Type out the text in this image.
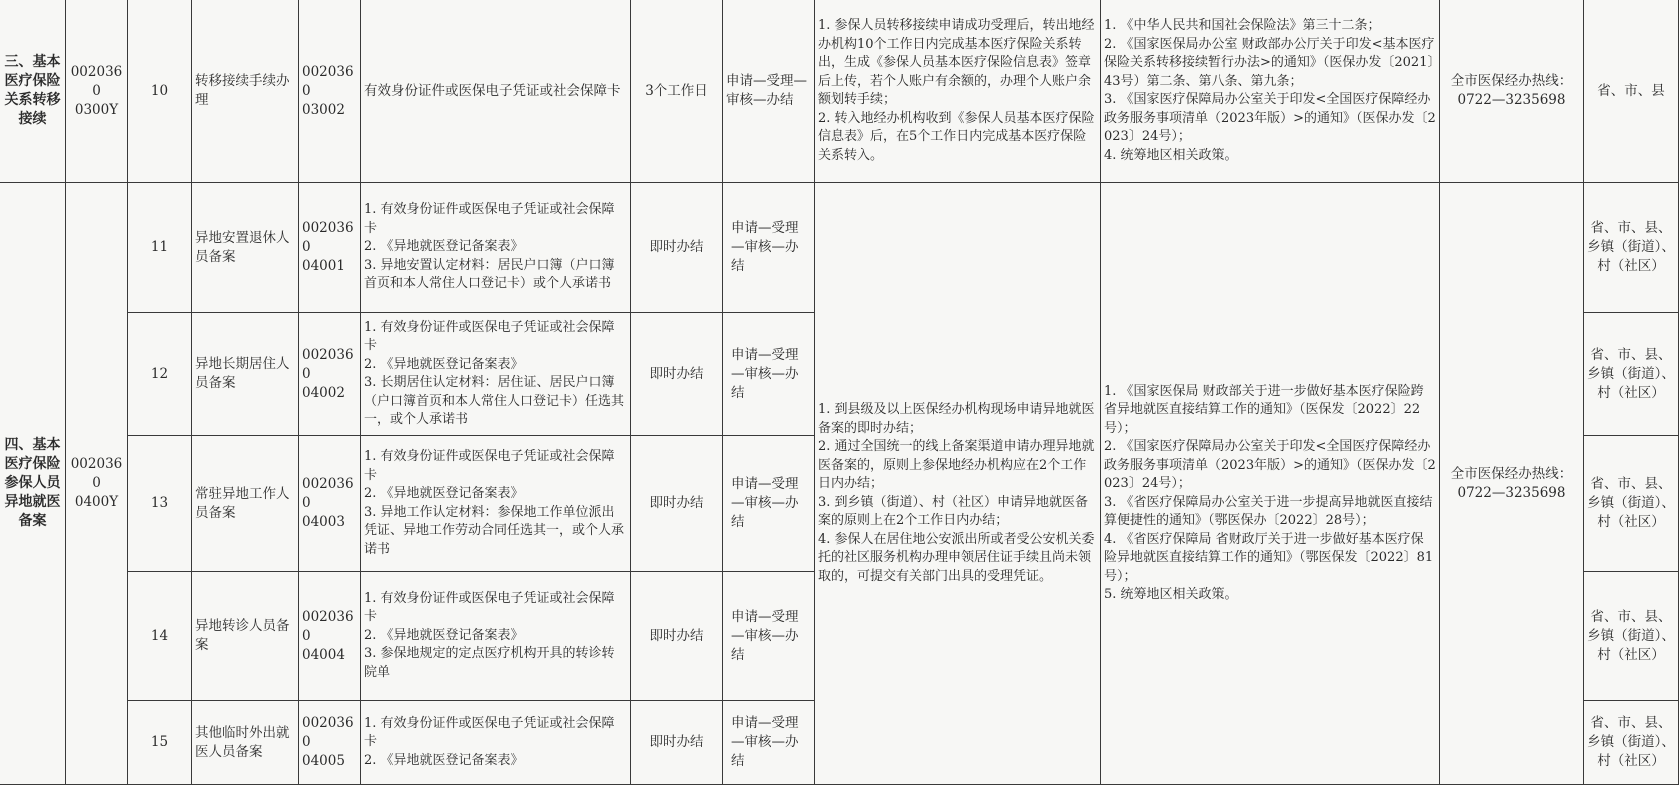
三、基本医疗保险关系转移接续
0020360
0300Y
10
转移接续手续办理
0020360
03002
有效身份证件或医保电子凭证或社会保障卡 3个工作日
申请—受理—审核—办结
1. 参保人员转移接续申请成功受理后，转出地经办机构10个工作日内完成基本医疗保险关系转出，生成《参保人员基本医疗保险信息表》签章后上传，若个人账户有余额的，办理个人账户余额划转手续；
2. 转入地经办机构收到《参保人员基本医疗保险信息表》后，在5个工作日内完成基本医疗保险关系转入。
1. 《中华人民共和国社会保险法》第三十二条；
2. 《国家医保局办公室 财政部办公厅关于印发<基本医疗保险关系转移接续暂行办法>的通知》（医保办发〔2021〕43号）第二条、第八条、第九条；
3. 《国家医疗保障局办公室关于印发<全国医疗保障经办政务服务事项清单（2023年版）>的通知》（医保办发〔2023〕24号）；
4. 统筹地区相关政策。
全市医保经办热线：
0722—3235698
省、市、县
四、基本医疗保险参保人员异地就医备案
0020360
0400Y
1. 到县级及以上医保经办机构现场申请异地就医备案的即时办结；
2. 通过全国统一的线上备案渠道申请办理异地就医备案的，原则上参保地经办机构应在2个工作日内办结；
3. 到乡镇（街道）、村（社区）申请异地就医备案的原则上在2个工作日内办结；
4. 参保人在居住地公安派出所或者受公安机关委托的社区服务机构办理申领居住证手续且尚未领取的，可提交有关部门出具的受理凭证。
1. 《国家医保局 财政部关于进一步做好基本医疗保险跨省异地就医直接结算工作的通知》（医保发〔2022〕22号）；
2. 《国家医疗保障局办公室关于印发<全国医疗保障经办政务服务事项清单（2023年版）>的通知》（医保办发〔2023〕24号）；
3. 《省医疗保障局办公室关于进一步提高异地就医直接结算便捷性的通知》（鄂医保办〔2022〕28号）；
4. 《省医疗保障局 省财政厅关于进一步做好基本医疗保险异地就医直接结算工作的通知》（鄂医保发〔2022〕81号）；
5. 统筹地区相关政策。
全市医保经办热线：
0722—3235698
11
异地安置退休人员备案
0020360
04001
1. 有效身份证件或医保电子凭证或社会保障卡
2. 《异地就医登记备案表》
3. 异地安置认定材料：居民户口簿（户口簿首页和本人常住人口登记卡）或个人承诺书
即时办结
申请—受理—审核—办结
省、市、县、乡镇（街道）、村（社区）
12
异地长期居住人员备案
0020360
04002
1. 有效身份证件或医保电子凭证或社会保障卡
2. 《异地就医登记备案表》
3. 长期居住认定材料：居住证、居民户口簿（户口簿首页和本人常住人口登记卡）任选其一，或个人承诺书
即时办结
申请—受理—审核—办结
省、市、县、乡镇（街道）、村（社区）
13
常驻异地工作人员备案
0020360
04003
1. 有效身份证件或医保电子凭证或社会保障卡
2. 《异地就医登记备案表》
3. 异地工作认定材料：参保地工作单位派出凭证、异地工作劳动合同任选其一，或个人承诺书
即时办结
申请—受理—审核—办结
省、市、县、乡镇（街道）、村（社区）
14
异地转诊人员备案
0020360
04004
1. 有效身份证件或医保电子凭证或社会保障卡
2. 《异地就医登记备案表》
3. 参保地规定的定点医疗机构开具的转诊转院单
即时办结
申请—受理—审核—办结
省、市、县、乡镇（街道）、村（社区）
15
其他临时外出就医人员备案
0020360
04005
1. 有效身份证件或医保电子凭证或社会保障卡
2. 《异地就医登记备案表》
即时办结
申请—受理—审核—办结
省、市、县、乡镇（街道）、村（社区）
